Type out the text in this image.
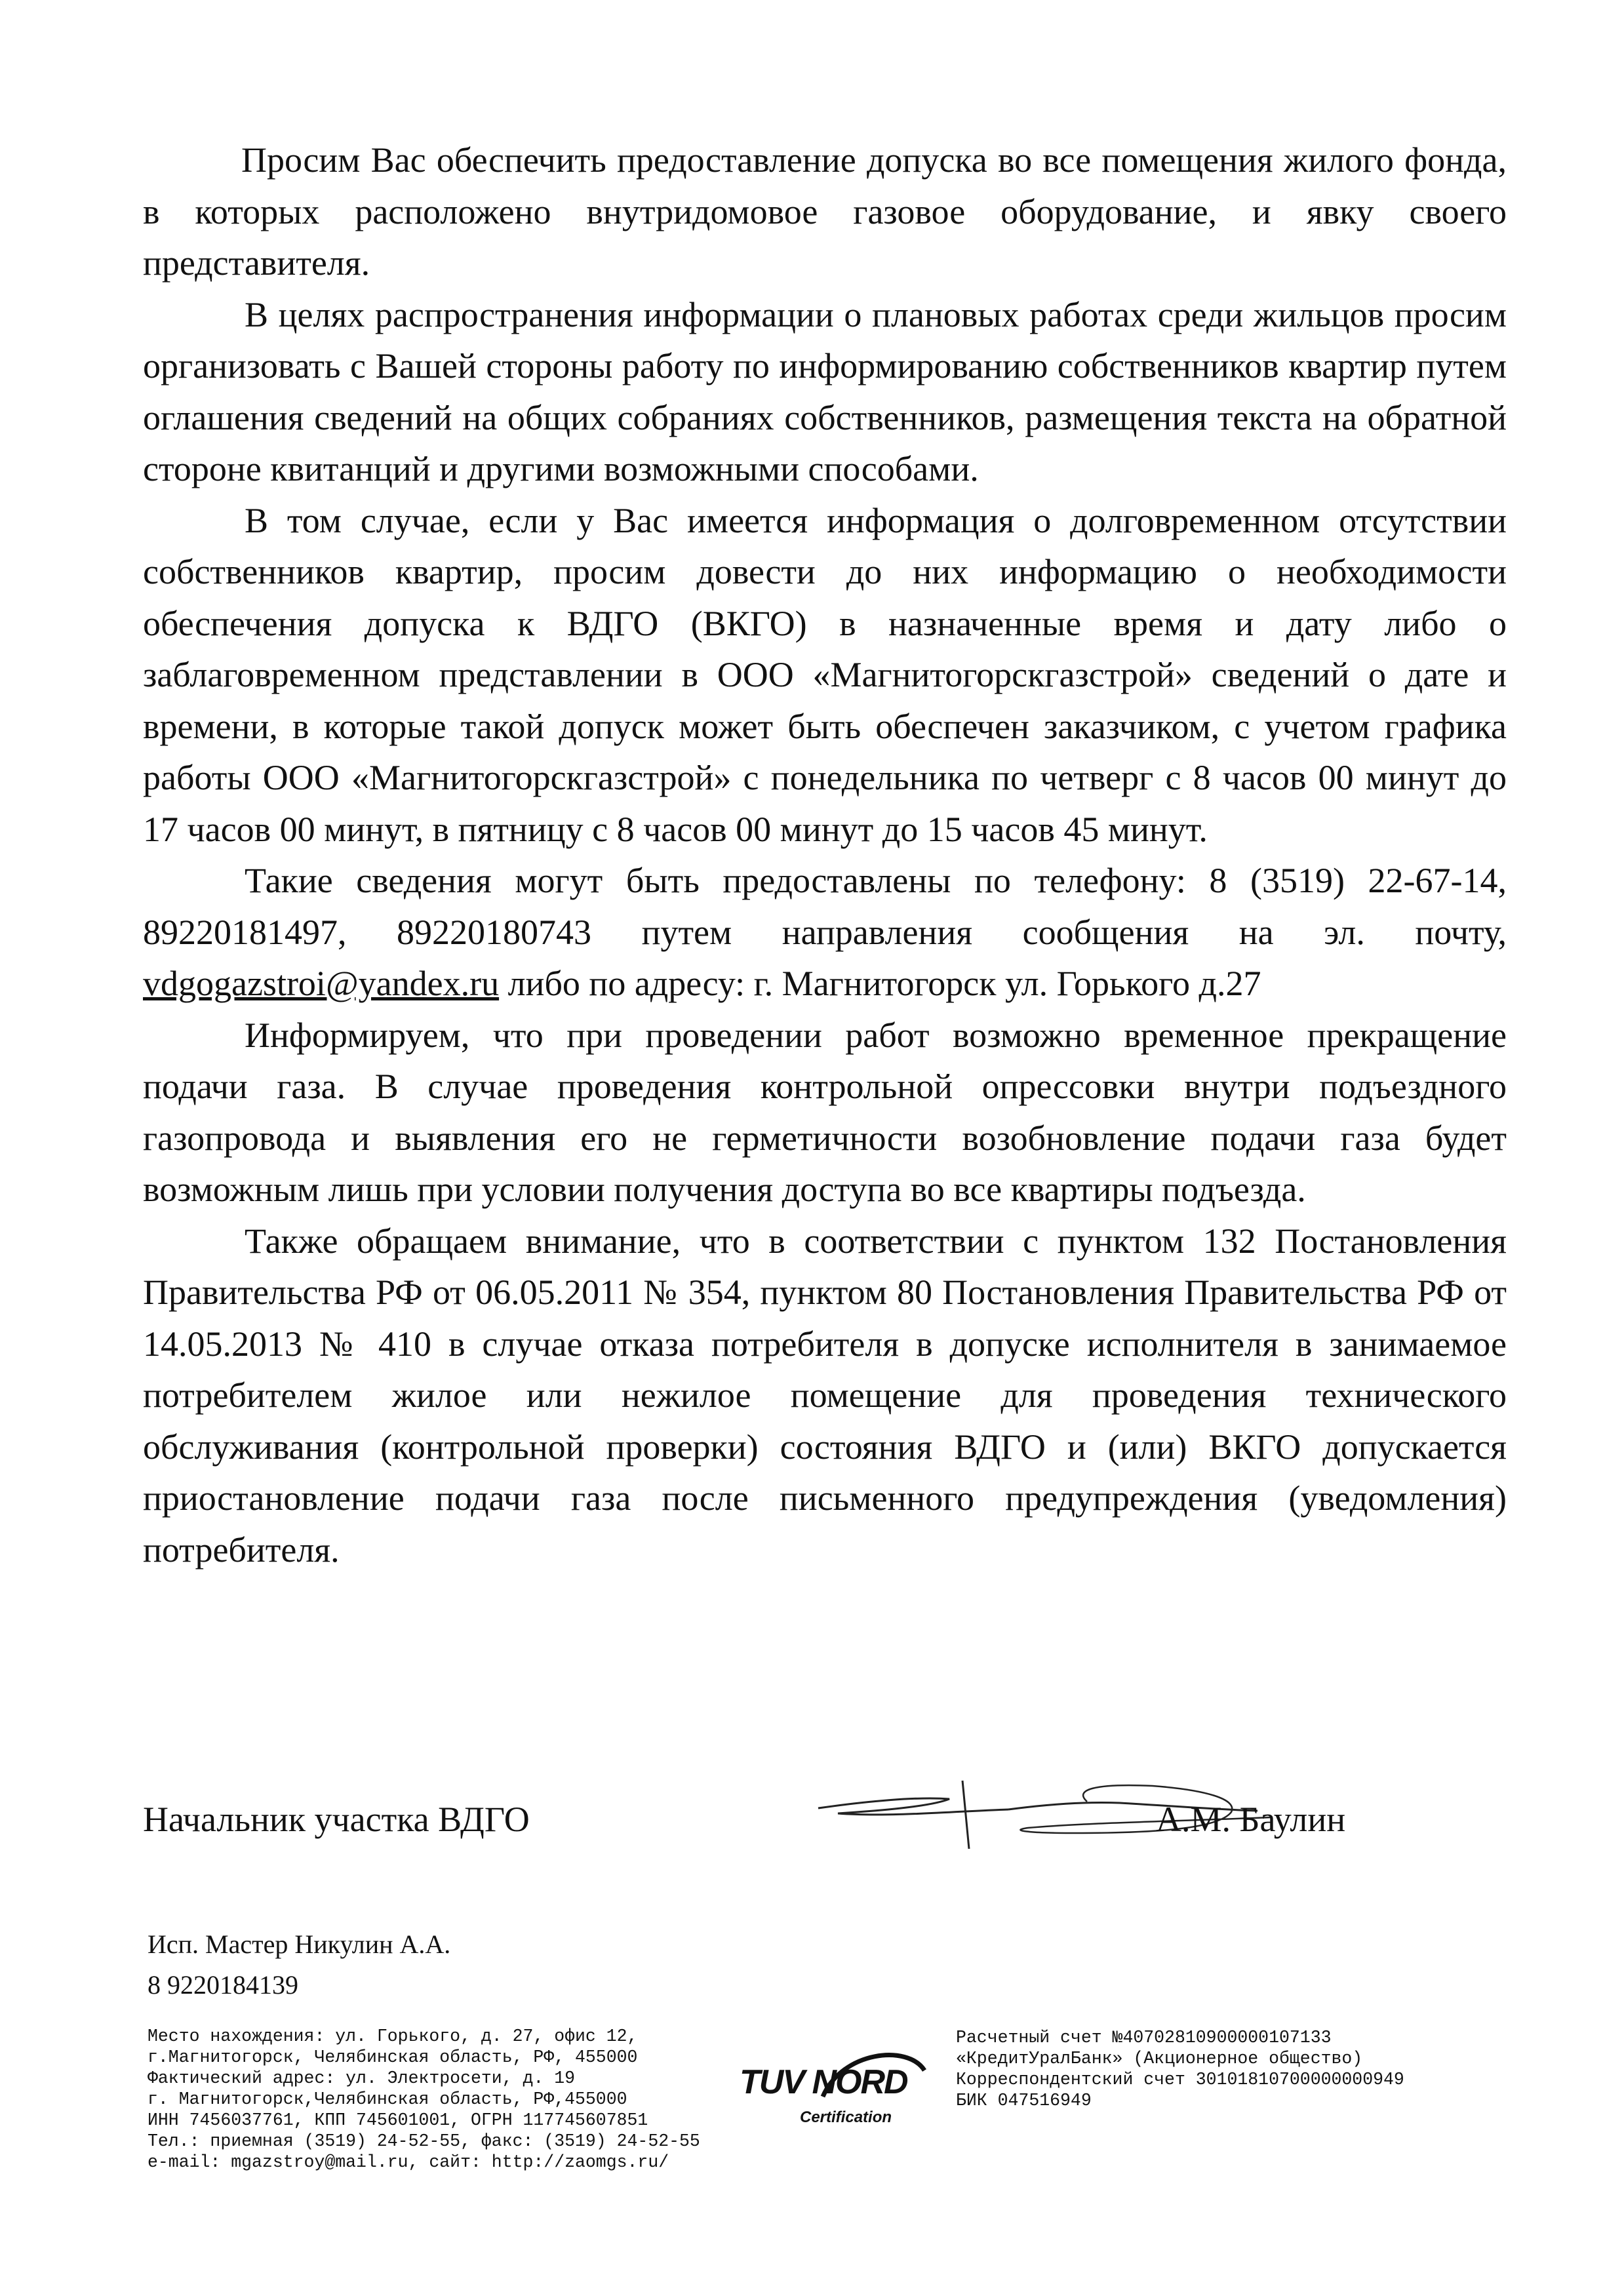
Просим Вас обеспечить предоставление допуска во все помещения жилого фонда, в которых расположено внутридомовое газовое оборудование, и явку своего представителя.

В целях распространения информации о плановых работах среди жильцов просим организовать с Вашей стороны работу по информированию собственников квартир путем оглашения сведений на общих собраниях собственников, размещения текста на обратной стороне квитанций и другими возможными способами.

В том случае, если у Вас имеется информация о долговременном отсутствии собственников квартир, просим довести до них информацию о необходимости обеспечения допуска к ВДГО (ВКГО) в назначенные время и дату либо о заблаговременном представлении в ООО «Магнитогорскгазстрой» сведений о дате и времени, в которые такой допуск может быть обеспечен заказчиком, с учетом графика работы ООО «Магнитогорскгазстрой» с понедельника по четверг с 8 часов 00 минут до 17 часов 00 минут, в пятницу с 8 часов 00 минут до 15 часов 45 минут.

Такие сведения могут быть предоставлены по телефону: 8 (3519) 22-67-14, 89220181497, 89220180743 путем направления сообщения на эл. почту, vdgogazstroi@yandex.ru либо по адресу: г. Магнитогорск ул. Горького д.27

Информируем, что при проведении работ возможно временное прекращение подачи газа. В случае проведения контрольной опрессовки внутри подъездного газопровода и выявления его не герметичности возобновление подачи газа будет возможным лишь при условии получения доступа во все квартиры подъезда.

Также обращаем внимание, что в соответствии с пунктом 132 Постановления Правительства РФ от 06.05.2011 № 354, пунктом 80 Постановления Правительства РФ от 14.05.2013 № 410 в случае отказа потребителя в допуске исполнителя в занимаемое потребителем жилое или нежилое помещение для проведения технического обслуживания (контрольной проверки) состояния ВДГО и (или) ВКГО допускается приостановление подачи газа после письменного предупреждения (уведомления) потребителя.

Начальник участка ВДГО	А.М. Баулин
Исп. Мастер Никулин А.А.
8 9220184139
Место нахождения: ул. Горького, д. 27, офис 12,
г.Магнитогорск, Челябинская область, РФ, 455000
Фактический адрес: ул. Электросети, д. 19
г. Магнитогорск,Челябинская область, РФ,455000
ИНН 7456037761, КПП 745601001, ОГРН 117745607851
Тел.: приемная (3519) 24-52-55, факс: (3519) 24-52-55
e-mail: mgazstroy@mail.ru, сайт: http://zaomgs.ru/
TUV NORD
Certification
Расчетный счет №40702810900000107133
«КредитУралБанк» (Акционерное общество)
Корреспондентский счет 30101810700000000949
БИК 047516949
